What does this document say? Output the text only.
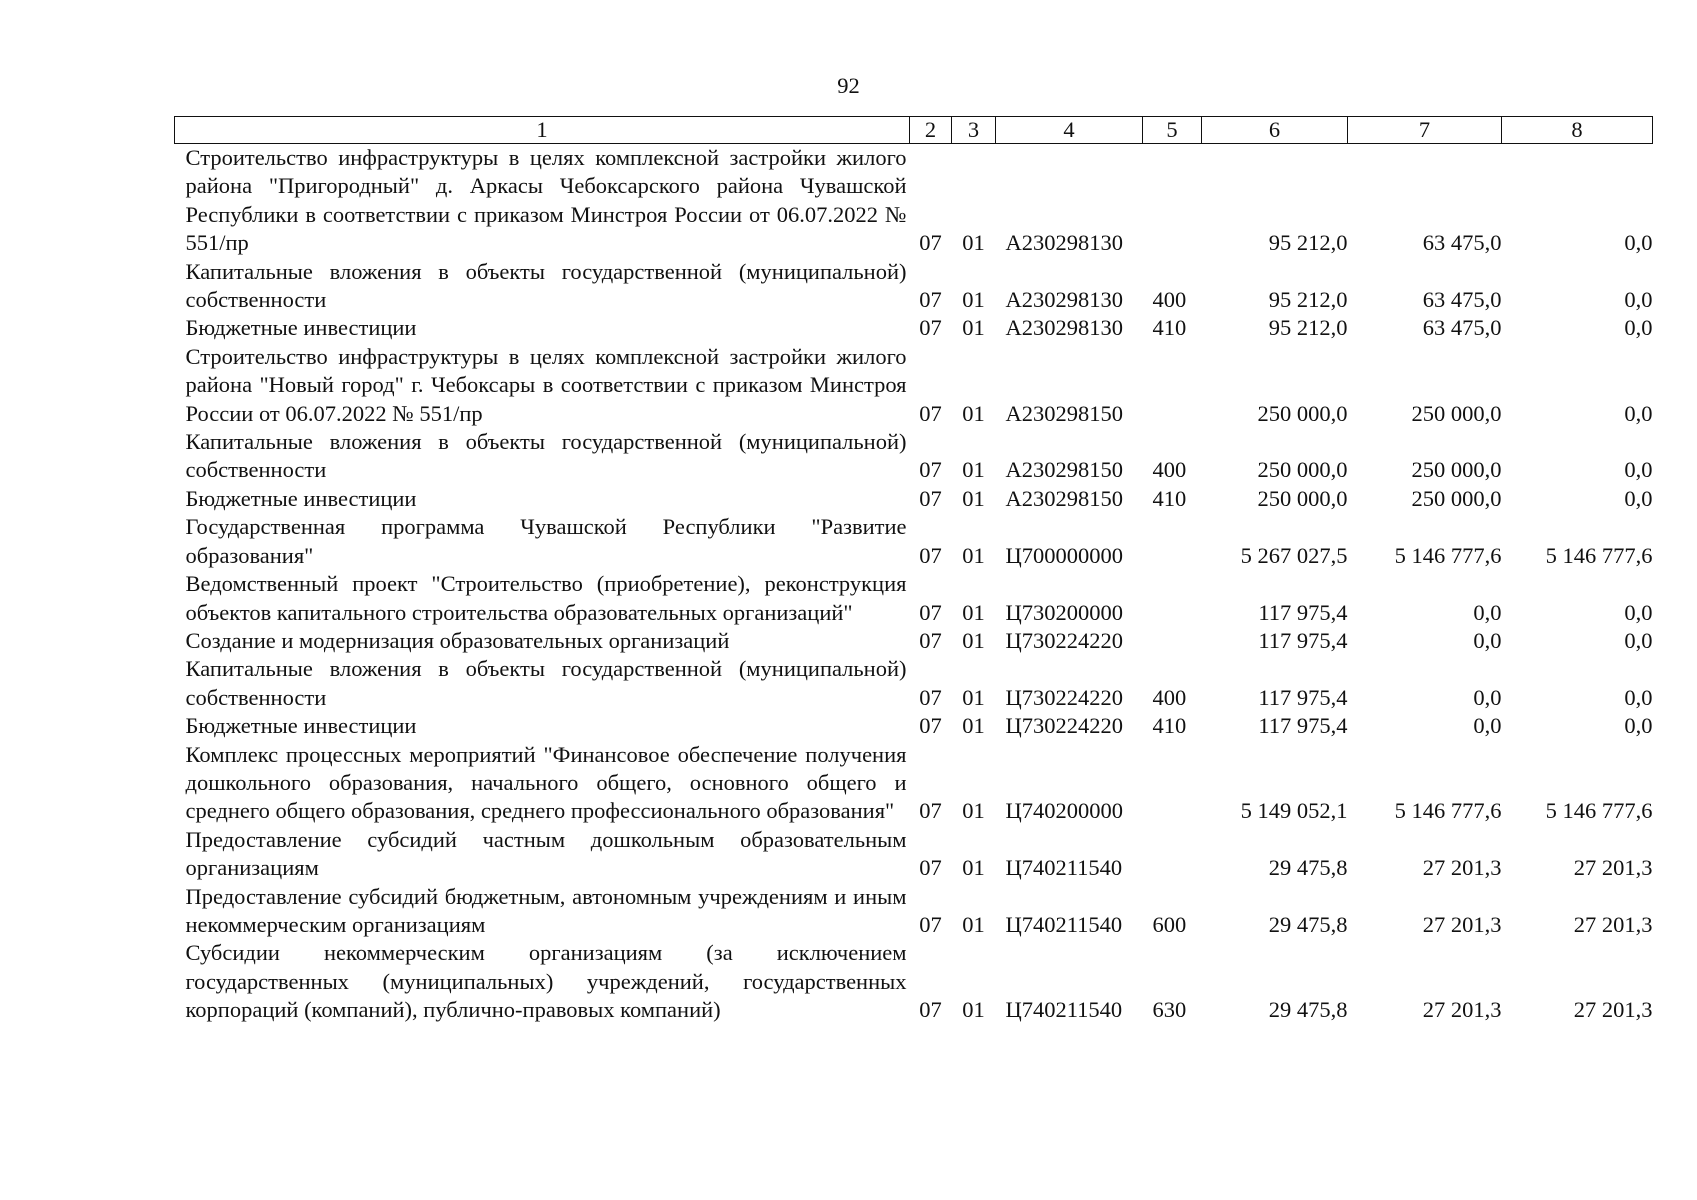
92
1	2	3	4	5	6	7	8
Строительство инфраструктуры в целях комплексной застройки жилого района "Пригородный" д. Аркасы Чебоксарского района Чувашской Республики в соответствии с приказом Минстроя России от 06.07.2022 № 551/пр	07	01	А230298130		95 212,0	63 475,0	0,0
Капитальные вложения в объекты государственной (муниципальной) собственности	07	01	А230298130	400	95 212,0	63 475,0	0,0
Бюджетные инвестиции	07	01	А230298130	410	95 212,0	63 475,0	0,0
Строительство инфраструктуры в целях комплексной застройки жилого района "Новый город" г. Чебоксары в соответствии с приказом Минстроя России от 06.07.2022 № 551/пр	07	01	А230298150		250 000,0	250 000,0	0,0
Капитальные вложения в объекты государственной (муниципальной) собственности	07	01	А230298150	400	250 000,0	250 000,0	0,0
Бюджетные инвестиции	07	01	А230298150	410	250 000,0	250 000,0	0,0
Государственная программа Чувашской Республики "Развитие образования"	07	01	Ц700000000		5 267 027,5	5 146 777,6	5 146 777,6
Ведомственный проект "Строительство (приобретение), реконструкция объектов капитального строительства образовательных организаций"	07	01	Ц730200000		117 975,4	0,0	0,0
Создание и модернизация образовательных организаций	07	01	Ц730224220		117 975,4	0,0	0,0
Капитальные вложения в объекты государственной (муниципальной) собственности	07	01	Ц730224220	400	117 975,4	0,0	0,0
Бюджетные инвестиции	07	01	Ц730224220	410	117 975,4	0,0	0,0
Комплекс процессных мероприятий "Финансовое обеспечение получения дошкольного образования, начального общего, основного общего и среднего общего образования, среднего профессионального образования"	07	01	Ц740200000		5 149 052,1	5 146 777,6	5 146 777,6
Предоставление субсидий частным дошкольным образовательным организациям	07	01	Ц740211540		29 475,8	27 201,3	27 201,3
Предоставление субсидий бюджетным, автономным учреждениям и иным некоммерческим организациям	07	01	Ц740211540	600	29 475,8	27 201,3	27 201,3
Субсидии некоммерческим организациям (за исключением государственных (муниципальных) учреждений, государственных корпораций (компаний), публично-правовых компаний)	07	01	Ц740211540	630	29 475,8	27 201,3	27 201,3
